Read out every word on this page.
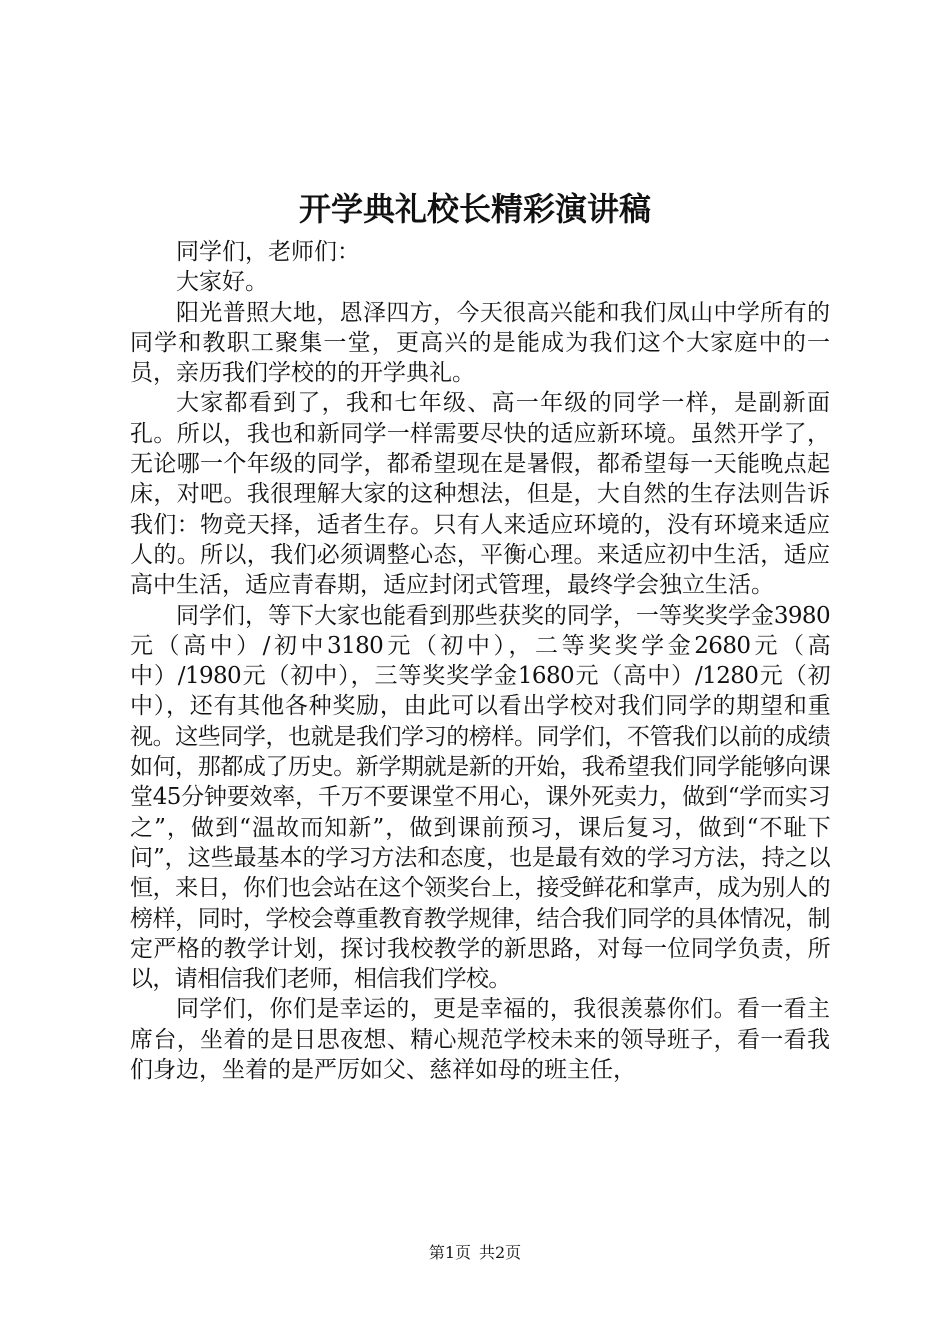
开学典礼校长精彩演讲稿

同学们，老师们：

大家好。

阳光普照大地，恩泽四方，今天很高兴能和我们凤山中学所有的同学和教职工聚集一堂，更高兴的是能成为我们这个大家庭中的一员，亲历我们学校的的开学典礼。

大家都看到了，我和七年级、高一年级的同学一样，是副新面孔。所以，我也和新同学一样需要尽快的适应新环境。虽然开学了，无论哪一个年级的同学，都希望现在是暑假，都希望每一天能晚点起床，对吧。我很理解大家的这种想法，但是，大自然的生存法则告诉我们：物竞天择，适者生存。只有人来适应环境的，没有环境来适应人的。所以，我们必须调整心态，平衡心理。来适应初中生活，适应高中生活，适应青春期，适应封闭式管理，最终学会独立生活。

同学们，等下大家也能看到那些获奖的同学，一等奖奖学金3980元（高中）/初中3180元（初中），二等奖奖学金2680元（高中）/1980元（初中），三等奖奖学金1680元（高中）/1280元（初中），还有其他各种奖励，由此可以看出学校对我们同学的期望和重视。这些同学，也就是我们学习的榜样。同学们，不管我们以前的成绩如何，那都成了历史。新学期就是新的开始，我希望我们同学能够向课堂45分钟要效率，千万不要课堂不用心，课外死卖力，做到“学而实习之”，做到“温故而知新”，做到课前预习，课后复习，做到“不耻下问”，这些最基本的学习方法和态度，也是最有效的学习方法，持之以恒，来日，你们也会站在这个领奖台上，接受鲜花和掌声，成为别人的榜样，同时，学校会尊重教育教学规律，结合我们同学的具体情况，制定严格的教学计划，探讨我校教学的新思路，对每一位同学负责，所以，请相信我们老师，相信我们学校。

同学们，你们是幸运的，更是幸福的，我很羡慕你们。看一看主席台，坐着的是日思夜想、精心规范学校未来的领导班子，看一看我们身边，坐着的是严厉如父、慈祥如母的班主任，

第1页 共2页
